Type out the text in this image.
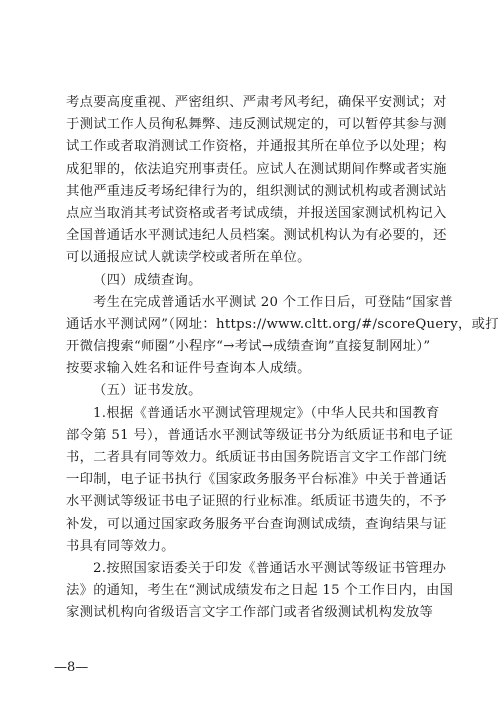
考点要高度重视、严密组织、严肃考风考纪，确保平安测试；对
于测试工作人员徇私舞弊、违反测试规定的，可以暂停其参与测
试工作或者取消测试工作资格，并通报其所在单位予以处理；构
成犯罪的，依法追究刑事责任。应试人在测试期间作弊或者实施
其他严重违反考场纪律行为的，组织测试的测试机构或者测试站
点应当取消其考试资格或者考试成绩，并报送国家测试机构记入
全国普通话水平测试违纪人员档案。测试机构认为有必要的，还
可以通报应试人就读学校或者所在单位。
（四）成绩查询。
考生在完成普通话水平测试 20 个工作日后，可登陆“国家普
通话水平测试网”（网址：https://www.cltt.org/#/scoreQuery，或打
开微信搜索“师圈”小程序“→考试→成绩查询”直接复制网址）”
按要求输入姓名和证件号查询本人成绩。
（五）证书发放。
1.根据《普通话水平测试管理规定》（中华人民共和国教育
部令第 51 号），普通话水平测试等级证书分为纸质证书和电子证
书，二者具有同等效力。纸质证书由国务院语言文字工作部门统
一印制，电子证书执行《国家政务服务平台标准》中关于普通话
水平测试等级证书电子证照的行业标准。纸质证书遗失的，不予
补发，可以通过国家政务服务平台查询测试成绩，查询结果与证
书具有同等效力。
2.按照国家语委关于印发《普通话水平测试等级证书管理办
法》的通知，考生在“测试成绩发布之日起 15 个工作日内，由国
家测试机构向省级语言文字工作部门或者省级测试机构发放等
—8—
